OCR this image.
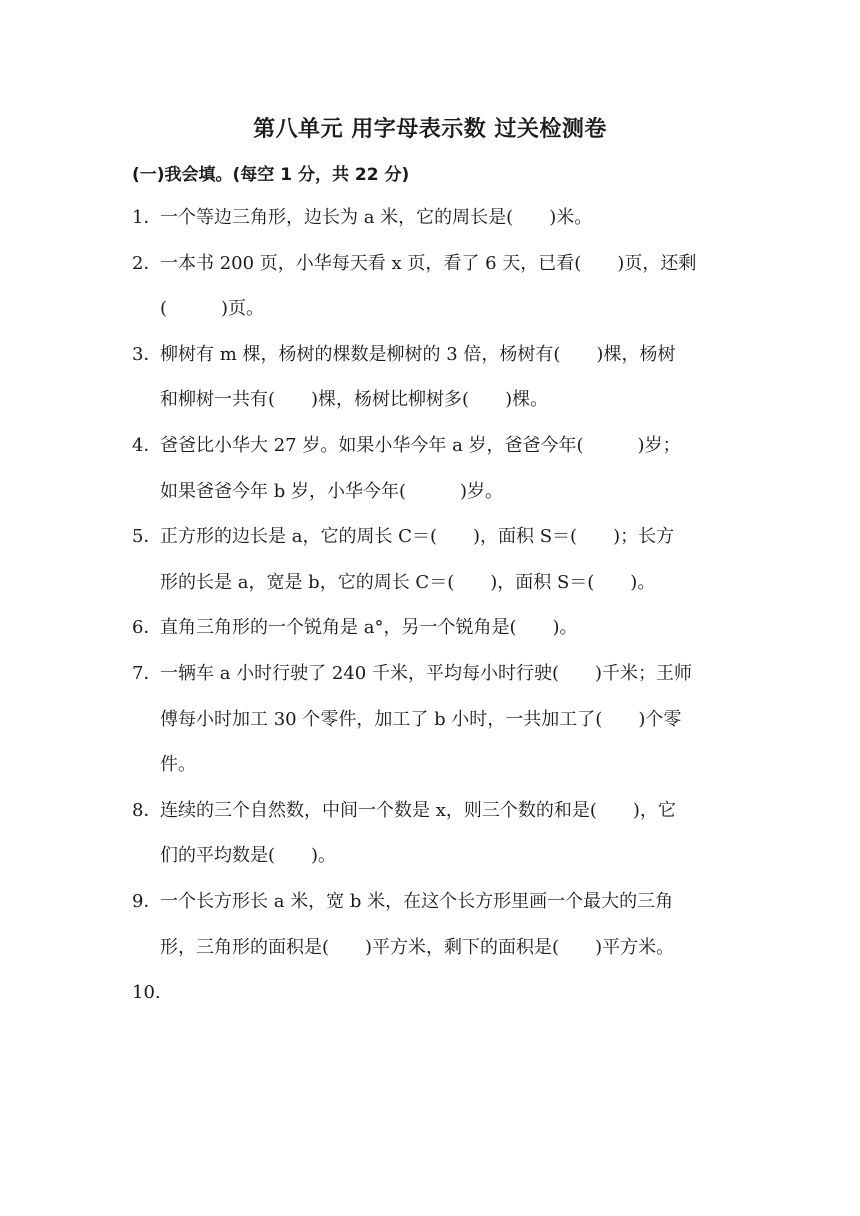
第八单元 用字母表示数 过关检测卷
(一)我会填。(每空 1 分，共 22 分)
1．一个等边三角形，边长为 a 米，它的周长是(　　)米。
2．一本书 200 页，小华每天看 x 页，看了 6 天，已看(　　)页，还剩
(　　　)页。
3．柳树有 m 棵，杨树的棵数是柳树的 3 倍，杨树有(　　)棵，杨树
和柳树一共有(　　)棵，杨树比柳树多(　　)棵。
4．爸爸比小华大 27 岁。如果小华今年 a 岁，爸爸今年(　　　)岁；
如果爸爸今年 b 岁，小华今年(　　　)岁。
5．正方形的边长是 a，它的周长 C＝(　　)，面积 S＝(　　)；长方
形的长是 a，宽是 b，它的周长 C＝(　　)，面积 S＝(　　)。
6．直角三角形的一个锐角是 a°，另一个锐角是(　　)。
7．一辆车 a 小时行驶了 240 千米，平均每小时行驶(　　)千米；王师
傅每小时加工 30 个零件，加工了 b 小时，一共加工了(　　)个零
件。
8．连续的三个自然数，中间一个数是 x，则三个数的和是(　　)，它
们的平均数是(　　)。
9．一个长方形长 a 米，宽 b 米，在这个长方形里画一个最大的三角
形，三角形的面积是(　　)平方米，剩下的面积是(　　)平方米。
10.
